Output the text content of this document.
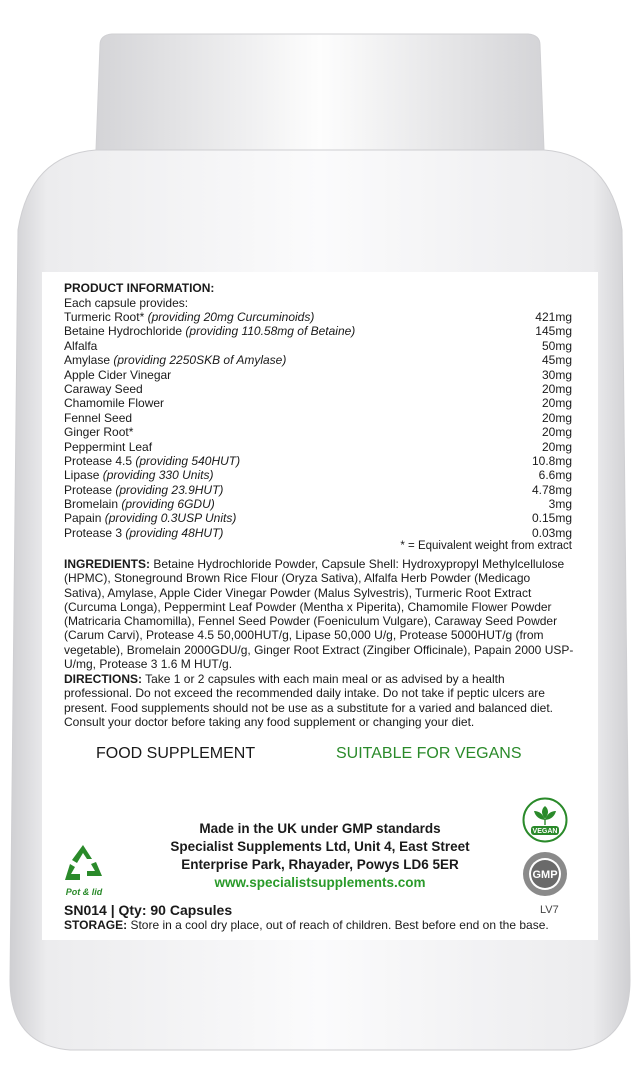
PRODUCT INFORMATION:
Each capsule provides:
Turmeric Root* (providing 20mg Curcuminoids)	421mg
Betaine Hydrochloride (providing 110.58mg of Betaine)	145mg
Alfalfa	50mg
Amylase (providing 2250SKB of Amylase)	45mg
Apple Cider Vinegar	30mg
Caraway Seed	20mg
Chamomile Flower	20mg
Fennel Seed	20mg
Ginger Root*	20mg
Peppermint Leaf	20mg
Protease 4.5 (providing 540HUT)	10.8mg
Lipase (providing 330 Units)	6.6mg
Protease (providing 23.9HUT)	4.78mg
Bromelain (providing 6GDU)	3mg
Papain (providing 0.3USP Units)	0.15mg
Protease 3 (providing 48HUT)	0.03mg
* = Equivalent weight from extract

INGREDIENTS: Betaine Hydrochloride Powder, Capsule Shell: Hydroxypropyl Methylcellulose (HPMC), Stoneground Brown Rice Flour (Oryza Sativa), Alfalfa Herb Powder (Medicago Sativa), Amylase, Apple Cider Vinegar Powder (Malus Sylvestris), Turmeric Root Extract (Curcuma Longa), Peppermint Leaf Powder (Mentha x Piperita), Chamomile Flower Powder (Matricaria Chamomilla), Fennel Seed Powder (Foeniculum Vulgare), Caraway Seed Powder (Carum Carvi), Protease 4.5 50,000HUT/g, Lipase 50,000 U/g, Protease 5000HUT/g (from vegetable), Bromelain 2000GDU/g, Ginger Root Extract (Zingiber Officinale), Papain 2000 USP-U/mg, Protease 3 1.6 M HUT/g.

DIRECTIONS: Take 1 or 2 capsules with each main meal or as advised by a health professional. Do not exceed the recommended daily intake. Do not take if peptic ulcers are present. Food supplements should not be use as a substitute for a varied and balanced diet. Consult your doctor before taking any food supplement or changing your diet.

FOOD SUPPLEMENT	SUITABLE FOR VEGANS
Made in the UK under GMP standards
Specialist Supplements Ltd, Unit 4, East Street
Enterprise Park, Rhayader, Powys LD6 5ER
www.specialistsupplements.com
Pot & lid
VEGAN
GMP
SN014 | Qty: 90 Capsules	LV7
STORAGE: Store in a cool dry place, out of reach of children. Best before end on the base.
